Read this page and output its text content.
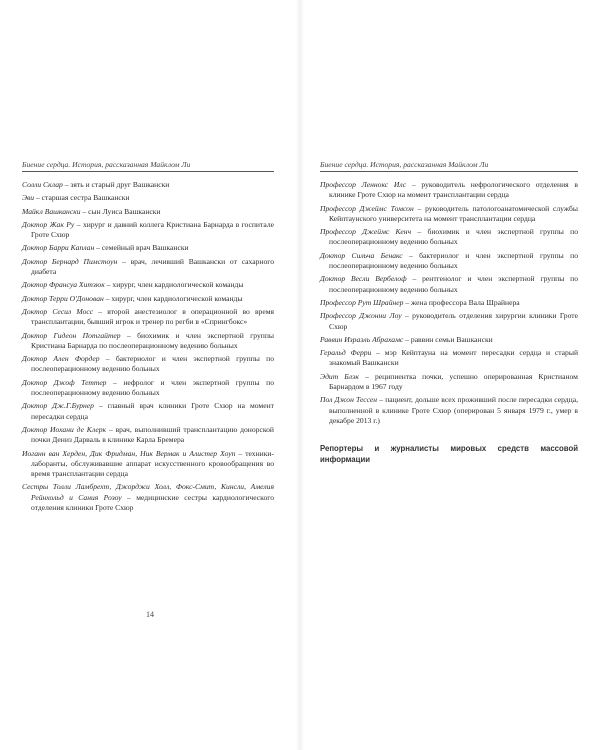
Биение сердца. История, рассказанная Майклом Ли

Солли Склар – зять и старый друг Вашкански

Эви – старшая сестра Вашкански

Майкл Вашкански – сын Луиса Вашкански

Доктор Жак Ру – хирург и давний коллега Кристиана Барнарда в госпитале Гроте Схюр

Доктор Барри Каплан – семейный врач Вашкански

Доктор Бернард Пимстоун – врач, лечивший Вашкански от сахарного диабета

Доктор Франсуа Хитзюк – хирург, член кардиологической команды

Доктор Терри О'Донован – хирург, член кардиологической команды

Доктор Сесил Мосс – второй анестезиолог в операционной во время трансплантации, бывший игрок и тренер по регби в «Спрингбокс»

Доктор Гидеон Потгайтер – биохимик и член экспертной группы Кристиана Барнарда по послеоперационному ведению больных

Доктор Ален Фордер – бактериолог и член экспертной группы по послеоперационному ведению больных

Доктор Джоф Теттер – нефролог и член экспертной группы по послеоперационному ведению больных

Доктор Дж.Г.Бурнер – главный врач клиники Гроте Схюр на момент пересадки сердца

Доктор Иохани де Клерк – врач, выполнивший трансплантацию донорской почки Дениз Дарваль в клинике Карла Бремера

Иоганн ван Херден, Дик Фридман, Ник Вермак и Алистер Хоуп – техники-лаборанты, обслуживавшие аппарат искусственного кровообращения во время трансплантации сердца

Сестры Толли Ламбрехт, Джорджи Холл, Фокс-Смит, Кинсли, Амелия Рейнхольд и Сания Розоу – медицинские сестры кардиологического отделения клиники Гроте Схюр

14
Биение сердца. История, рассказанная Майклом Ли

Профессор Леннокс Илс – руководитель нефрологического отделения в клинике Гроте Схюр на момент трансплантации сердца

Профессор Джеймс Томсон – руководитель патологоанатомической службы Кейптаунского университета на момент трансплантации сердца

Профессор Джеймс Кенч – биохимик и член экспертной группы по послеоперационному ведению больных

Доктор Сильча Бенакс – бактериолог и член экспертной группы по послеоперационному ведению больных

Доктор Весли Вербелоф – рентгенолог и член экспертной группы по послеоперационному ведению больных

Профессор Рут Шрайнер – жена профессора Вала Шрайнера

Профессор Джонни Лоу – руководитель отделения хирургии клиники Гроте Схюр

Раввин Израэль Абрахамс – раввин семьи Вашкански

Геральд Ферри – мэр Кейптауна на момент пересадки сердца и старый знакомый Вашкански

Эдит Блэк – реципиентка почки, успешно оперированная Кристианом Барнардом в 1967 году

Пол Джон Тессен – пациент, дольше всех проживший после пересадки сердца, выполненной в клинике Гроте Схюр (оперирован 5 января 1979 г., умер в декабре 2013 г.)

Репортеры и журналисты мировых средств массовой информации
